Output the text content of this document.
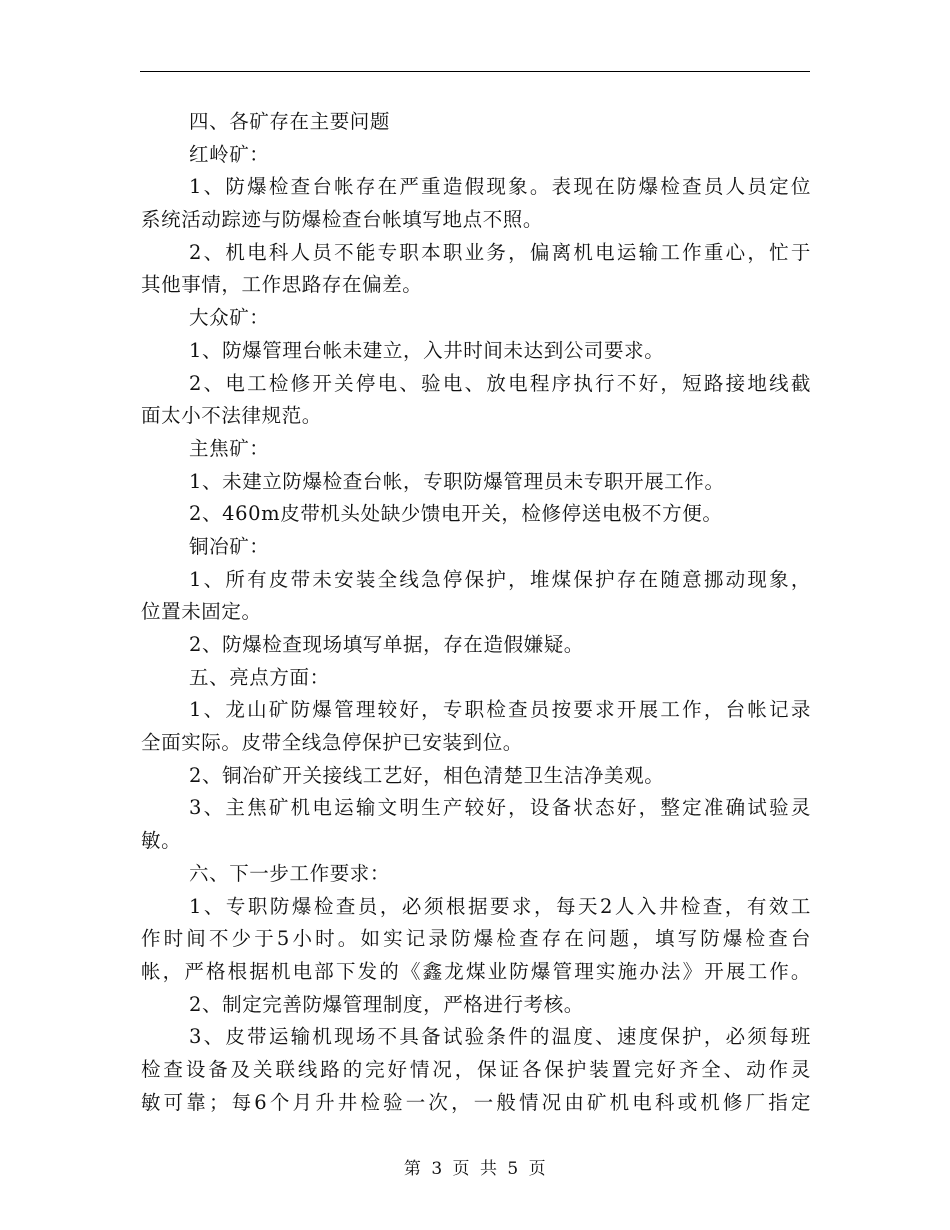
四、各矿存在主要问题
红岭矿：
1、防爆检查台帐存在严重造假现象。表现在防爆检查员人员定位
系统活动踪迹与防爆检查台帐填写地点不照。
2、机电科人员不能专职本职业务，偏离机电运输工作重心，忙于
其他事情，工作思路存在偏差。
大众矿：
1、防爆管理台帐未建立，入井时间未达到公司要求。
2、电工检修开关停电、验电、放电程序执行不好，短路接地线截
面太小不法律规范。
主焦矿：
1、未建立防爆检查台帐，专职防爆管理员未专职开展工作。
2、460m皮带机头处缺少馈电开关，检修停送电极不方便。
铜冶矿：
1、所有皮带未安装全线急停保护，堆煤保护存在随意挪动现象，
位置未固定。
2、防爆检查现场填写单据，存在造假嫌疑。
五、亮点方面：
1、龙山矿防爆管理较好，专职检查员按要求开展工作，台帐记录
全面实际。皮带全线急停保护已安装到位。
2、铜冶矿开关接线工艺好，相色清楚卫生洁净美观。
3、主焦矿机电运输文明生产较好，设备状态好，整定准确试验灵
敏。
六、下一步工作要求：
1、专职防爆检查员，必须根据要求，每天2人入井检查，有效工
作时间不少于5小时。如实记录防爆检查存在问题，填写防爆检查台
帐，严格根据机电部下发的《鑫龙煤业防爆管理实施办法》开展工作。
2、制定完善防爆管理制度，严格进行考核。
3、皮带运输机现场不具备试验条件的温度、速度保护，必须每班
检查设备及关联线路的完好情况，保证各保护装置完好齐全、动作灵
敏可靠；每6个月升井检验一次，一般情况由矿机电科或机修厂指定
第 3 页 共 5 页
